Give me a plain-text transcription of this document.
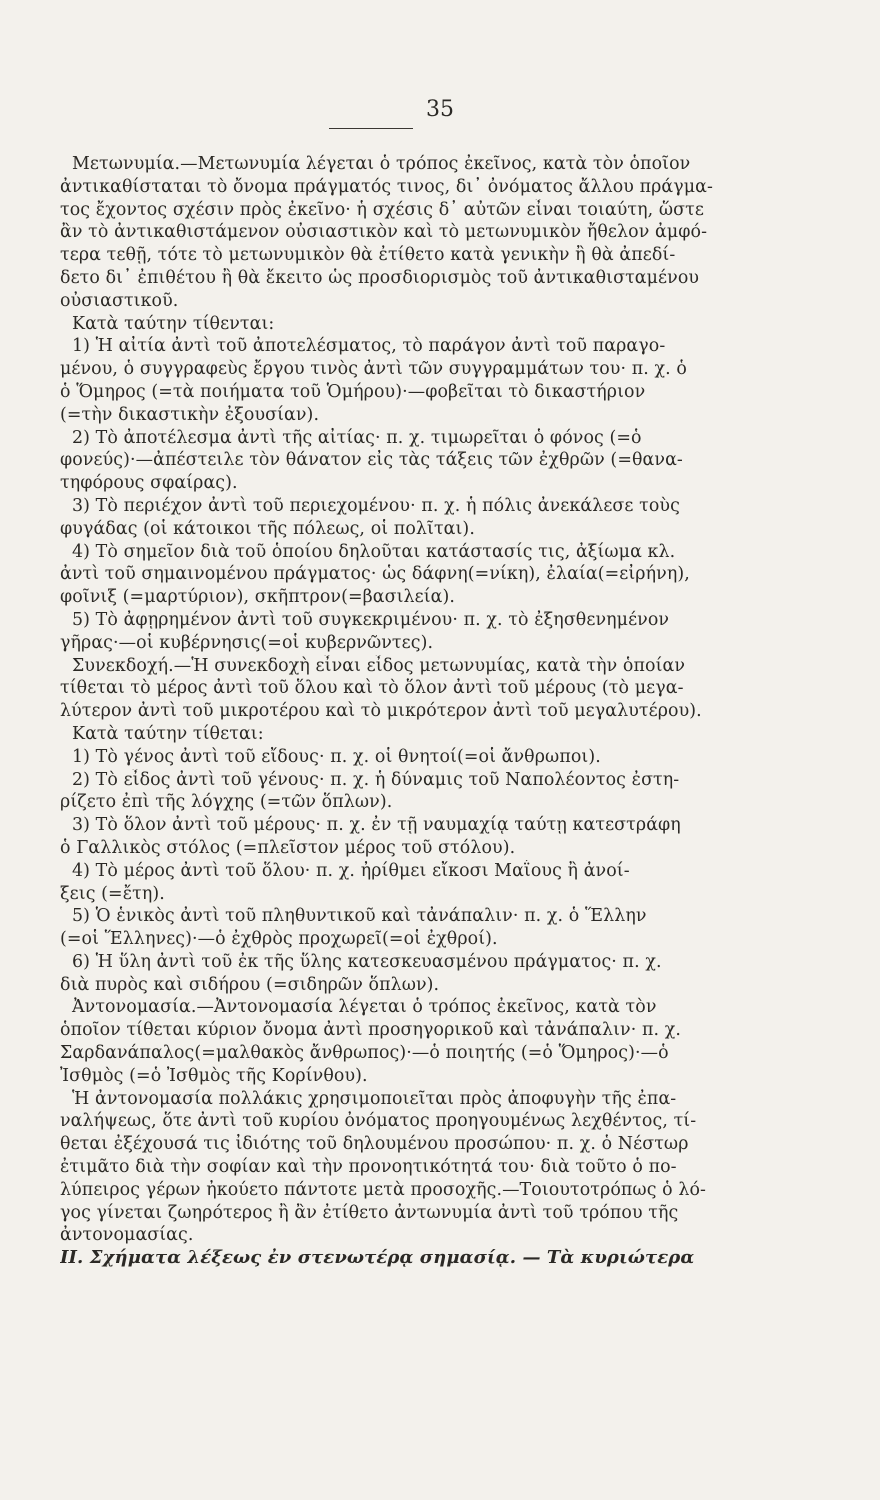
35
Μετωνυμία.—Μετωνυμία λέγεται ὁ τρόπος ἐκεῖνος, κατὰ τὸν ὁποῖον
ἀντικαθίσταται τὸ ὄνομα πράγματός τινος, δι᾽ ὀνόματος ἄλλου πράγμα-
τος ἔχοντος σχέσιν πρὸς ἐκεῖνο· ἡ σχέσις δ᾽ αὐτῶν εἶναι τοιαύτη, ὥστε
ἂν τὸ ἀντικαθιστάμενον οὐσιαστικὸν καὶ τὸ μετωνυμικὸν ἤθελον ἀμφό-
τερα τεθῇ, τότε τὸ μετωνυμικὸν θὰ ἐτίθετο κατὰ γενικὴν ἢ θὰ ἀπεδί-
δετο δι᾽ ἐπιθέτου ἢ θὰ ἔκειτο ὡς προσδιορισμὸς τοῦ ἀντικαθισταμένου
οὐσιαστικοῦ.
Κατὰ ταύτην τίθενται:
1) Ἡ αἰτία ἀντὶ τοῦ ἀποτελέσματος, τὸ παράγον ἀντὶ τοῦ παραγο-
μένου, ὁ συγγραφεὺς ἔργου τινὸς ἀντὶ τῶν συγγραμμάτων του· π. χ. ὁ
ὁ Ὅμηρος (=τὰ ποιήματα τοῦ Ὁμήρου)·—φοβεῖται τὸ δικαστήριον
(=τὴν δικαστικὴν ἐξουσίαν).
2) Τὸ ἀποτέλεσμα ἀντὶ τῆς αἰτίας· π. χ. τιμωρεῖται ὁ φόνος (=ὁ
φονεύς)·—ἀπέστειλε τὸν θάνατον εἰς τὰς τάξεις τῶν ἐχθρῶν (=θανα-
τηφόρους σφαίρας).
3) Τὸ περιέχον ἀντὶ τοῦ περιεχομένου· π. χ. ἡ πόλις ἀνεκάλεσε τοὺς
φυγάδας (οἱ κάτοικοι τῆς πόλεως, οἱ πολῖται).
4) Τὸ σημεῖον διὰ τοῦ ὁποίου δηλοῦται κατάστασίς τις, ἀξίωμα κλ.
ἀντὶ τοῦ σημαινομένου πράγματος· ὡς δάφνη(=νίκη), ἐλαία(=εἰρήνη),
φοῖνιξ (=μαρτύριον), σκῆπτρον(=βασιλεία).
5) Τὸ ἀφῃρημένον ἀντὶ τοῦ συγκεκριμένου· π. χ. τὸ ἐξησθενημένον
γῆρας·—οἱ κυβέρνησις(=οἱ κυβερνῶντες).
Συνεκδοχή.—Ἡ συνεκδοχὴ εἶναι εἶδος μετωνυμίας, κατὰ τὴν ὁποίαν
τίθεται τὸ μέρος ἀντὶ τοῦ ὅλου καὶ τὸ ὅλον ἀντὶ τοῦ μέρους (τὸ μεγα-
λύτερον ἀντὶ τοῦ μικροτέρου καὶ τὸ μικρότερον ἀντὶ τοῦ μεγαλυτέρου).
Κατὰ ταύτην τίθεται:
1) Τὸ γένος ἀντὶ τοῦ εἴδους· π. χ. οἱ θνητοί(=οἱ ἄνθρωποι).
2) Τὸ εἶδος ἀντὶ τοῦ γένους· π. χ. ἡ δύναμις τοῦ Ναπολέοντος ἐστη-
ρίζετο ἐπὶ τῆς λόγχης (=τῶν ὅπλων).
3) Τὸ ὅλον ἀντὶ τοῦ μέρους· π. χ. ἐν τῇ ναυμαχίᾳ ταύτῃ κατεστράφη
ὁ Γαλλικὸς στόλος (=πλεῖστον μέρος τοῦ στόλου).
4) Τὸ μέρος ἀντὶ τοῦ ὅλου· π. χ. ἠρίθμει εἴκοσι Μαΐους ἢ ἀνοί-
ξεις (=ἔτη).
5) Ὁ ἑνικὸς ἀντὶ τοῦ πληθυντικοῦ καὶ τἀνάπαλιν· π. χ. ὁ Ἕλλην
(=οἱ Ἕλληνες)·—ὁ ἐχθρὸς προχωρεῖ(=οἱ ἐχθροί).
6) Ἡ ὕλη ἀντὶ τοῦ ἐκ τῆς ὕλης κατεσκευασμένου πράγματος· π. χ.
διὰ πυρὸς καὶ σιδήρου (=σιδηρῶν ὅπλων).
Ἀντονομασία.—Ἀντονομασία λέγεται ὁ τρόπος ἐκεῖνος, κατὰ τὸν
ὁποῖον τίθεται κύριον ὄνομα ἀντὶ προσηγορικοῦ καὶ τἀνάπαλιν· π. χ.
Σαρδανάπαλος(=μαλθακὸς ἄνθρωπος)·—ὁ ποιητής (=ὁ Ὅμηρος)·—ὁ
Ἰσθμὸς (=ὁ Ἰσθμὸς τῆς Κορίνθου).
Ἡ ἀντονομασία πολλάκις χρησιμοποιεῖται πρὸς ἀποφυγὴν τῆς ἐπα-
ναλήψεως, ὅτε ἀντὶ τοῦ κυρίου ὀνόματος προηγουμένως λεχθέντος, τί-
θεται ἐξέχουσά τις ἰδιότης τοῦ δηλουμένου προσώπου· π. χ. ὁ Νέστωρ
ἐτιμᾶτο διὰ τὴν σοφίαν καὶ τὴν προνοητικότητά του· διὰ τοῦτο ὁ πο-
λύπειρος γέρων ἠκούετο πάντοτε μετὰ προσοχῆς.—Τοιουτοτρόπως ὁ λό-
γος γίνεται ζωηρότερος ἢ ἂν ἐτίθετο ἀντωνυμία ἀντὶ τοῦ τρόπου τῆς
ἀντονομασίας.
ΙΙ. Σχήματα λέξεως ἐν στενωτέρᾳ σημασίᾳ. — Τὰ κυριώτερα
